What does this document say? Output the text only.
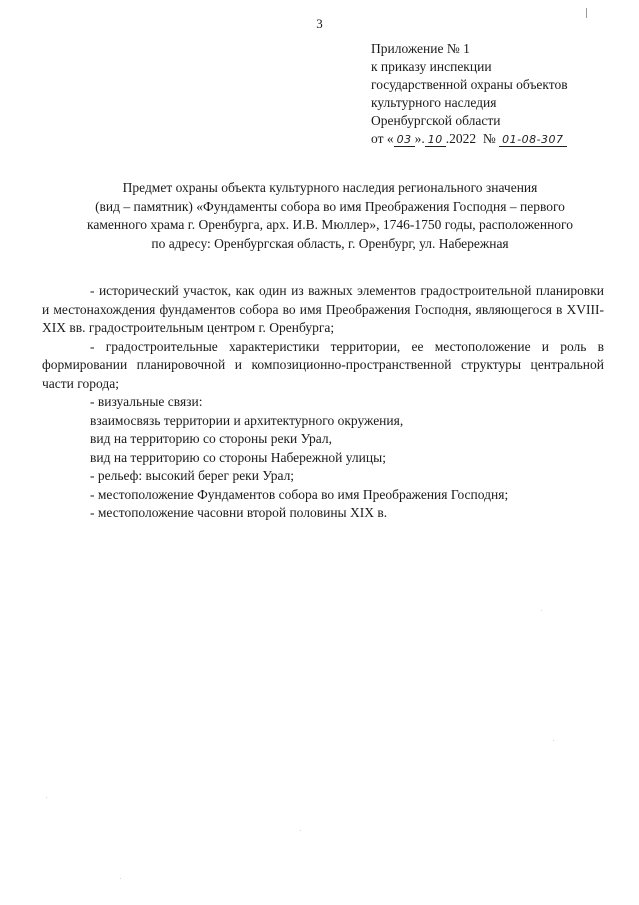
3
Приложение № 1
к приказу инспекции
государственной охраны объектов
культурного наследия
Оренбургской области
от « 03 ». 10 .2022 № 01-08-307
Предмет охраны объекта культурного наследия регионального значения
(вид – памятник) «Фундаменты собора во имя Преображения Господня – первого
каменного храма г. Оренбурга, арх. И.В. Мюллер», 1746-1750 годы, расположенного
по адресу: Оренбургская область, г. Оренбург, ул. Набережная

- исторический участок, как один из важных элементов градостроительной планировки и местонахождения фундаментов собора во имя Преображения Господня, являющегося в XVIII-XIX вв. градостроительным центром г. Оренбурга;

- градостроительные характеристики территории, ее местоположение и роль в формировании планировочной и композиционно-пространственной структуры центральной части города;

- визуальные связи:
взаимосвязь территории и архитектурного окружения,
вид на территорию со стороны реки Урал,
вид на территорию со стороны Набережной улицы;
- рельеф: высокий берег реки Урал;
- местоположение Фундаментов собора во имя Преображения Господня;
- местоположение часовни второй половины XIX в.
